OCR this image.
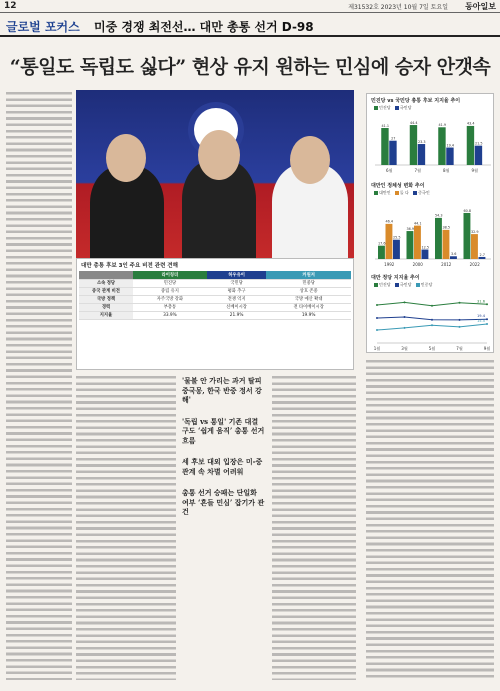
12	제31532호 2023년 10월 7일 토요일 동아일보
글로벌 포커스 미중 경쟁 최전선… 대만 총통 선거 D-98
“통일도 독립도 싫다” 현상 유지 원하는 민심에 승자 안갯속
대만 총통 후보 3인 주요 비전 관련 견해
	라이칭더	허우유이	커원저
소속 정당	민진당	국민당	민중당
중국 관계 비전	중립 유지	평화 추구	상호 존중
국방 정책	자주국방 강화	전쟁 억지	국방 예산 확대
경력	부총통	신베이시장	전 타이베이시장
지지율	33.9%	21.9%	19.9%

'물불 안 가리는 과거 탈피 중국몽, 한국 반중 정서 강해'

'독립 vs 통일' 기존 대결 구도 ‘쉽게 움직’ 총통 선거 흐름

세 후보 대외 입장은 미-중 관계 속 차별 어려워

총통 선거 승패는 단일화 여부 ‘흔들 민심’ 잡기가 관건

민진당 vs 국민당 총통 후보 지지율 추이
민진당 국민당
41.1
27
6월
44.4
23.3
7월
41.9
19.4
8월
43.4
21.5
9월
대만인 정체성 변화 추이
대만인 둘 다 중국인
17.6
46.4
25.5
1992
36.9
44.1
12.5
2000
54.3
38.5
3.6
2012
60.8
32.9
2.7
2022
대만 정당 지지율 추이
민진당 국민당 민중당
31.6
19.4
15.5
1월	3월	5월	7월	9월
